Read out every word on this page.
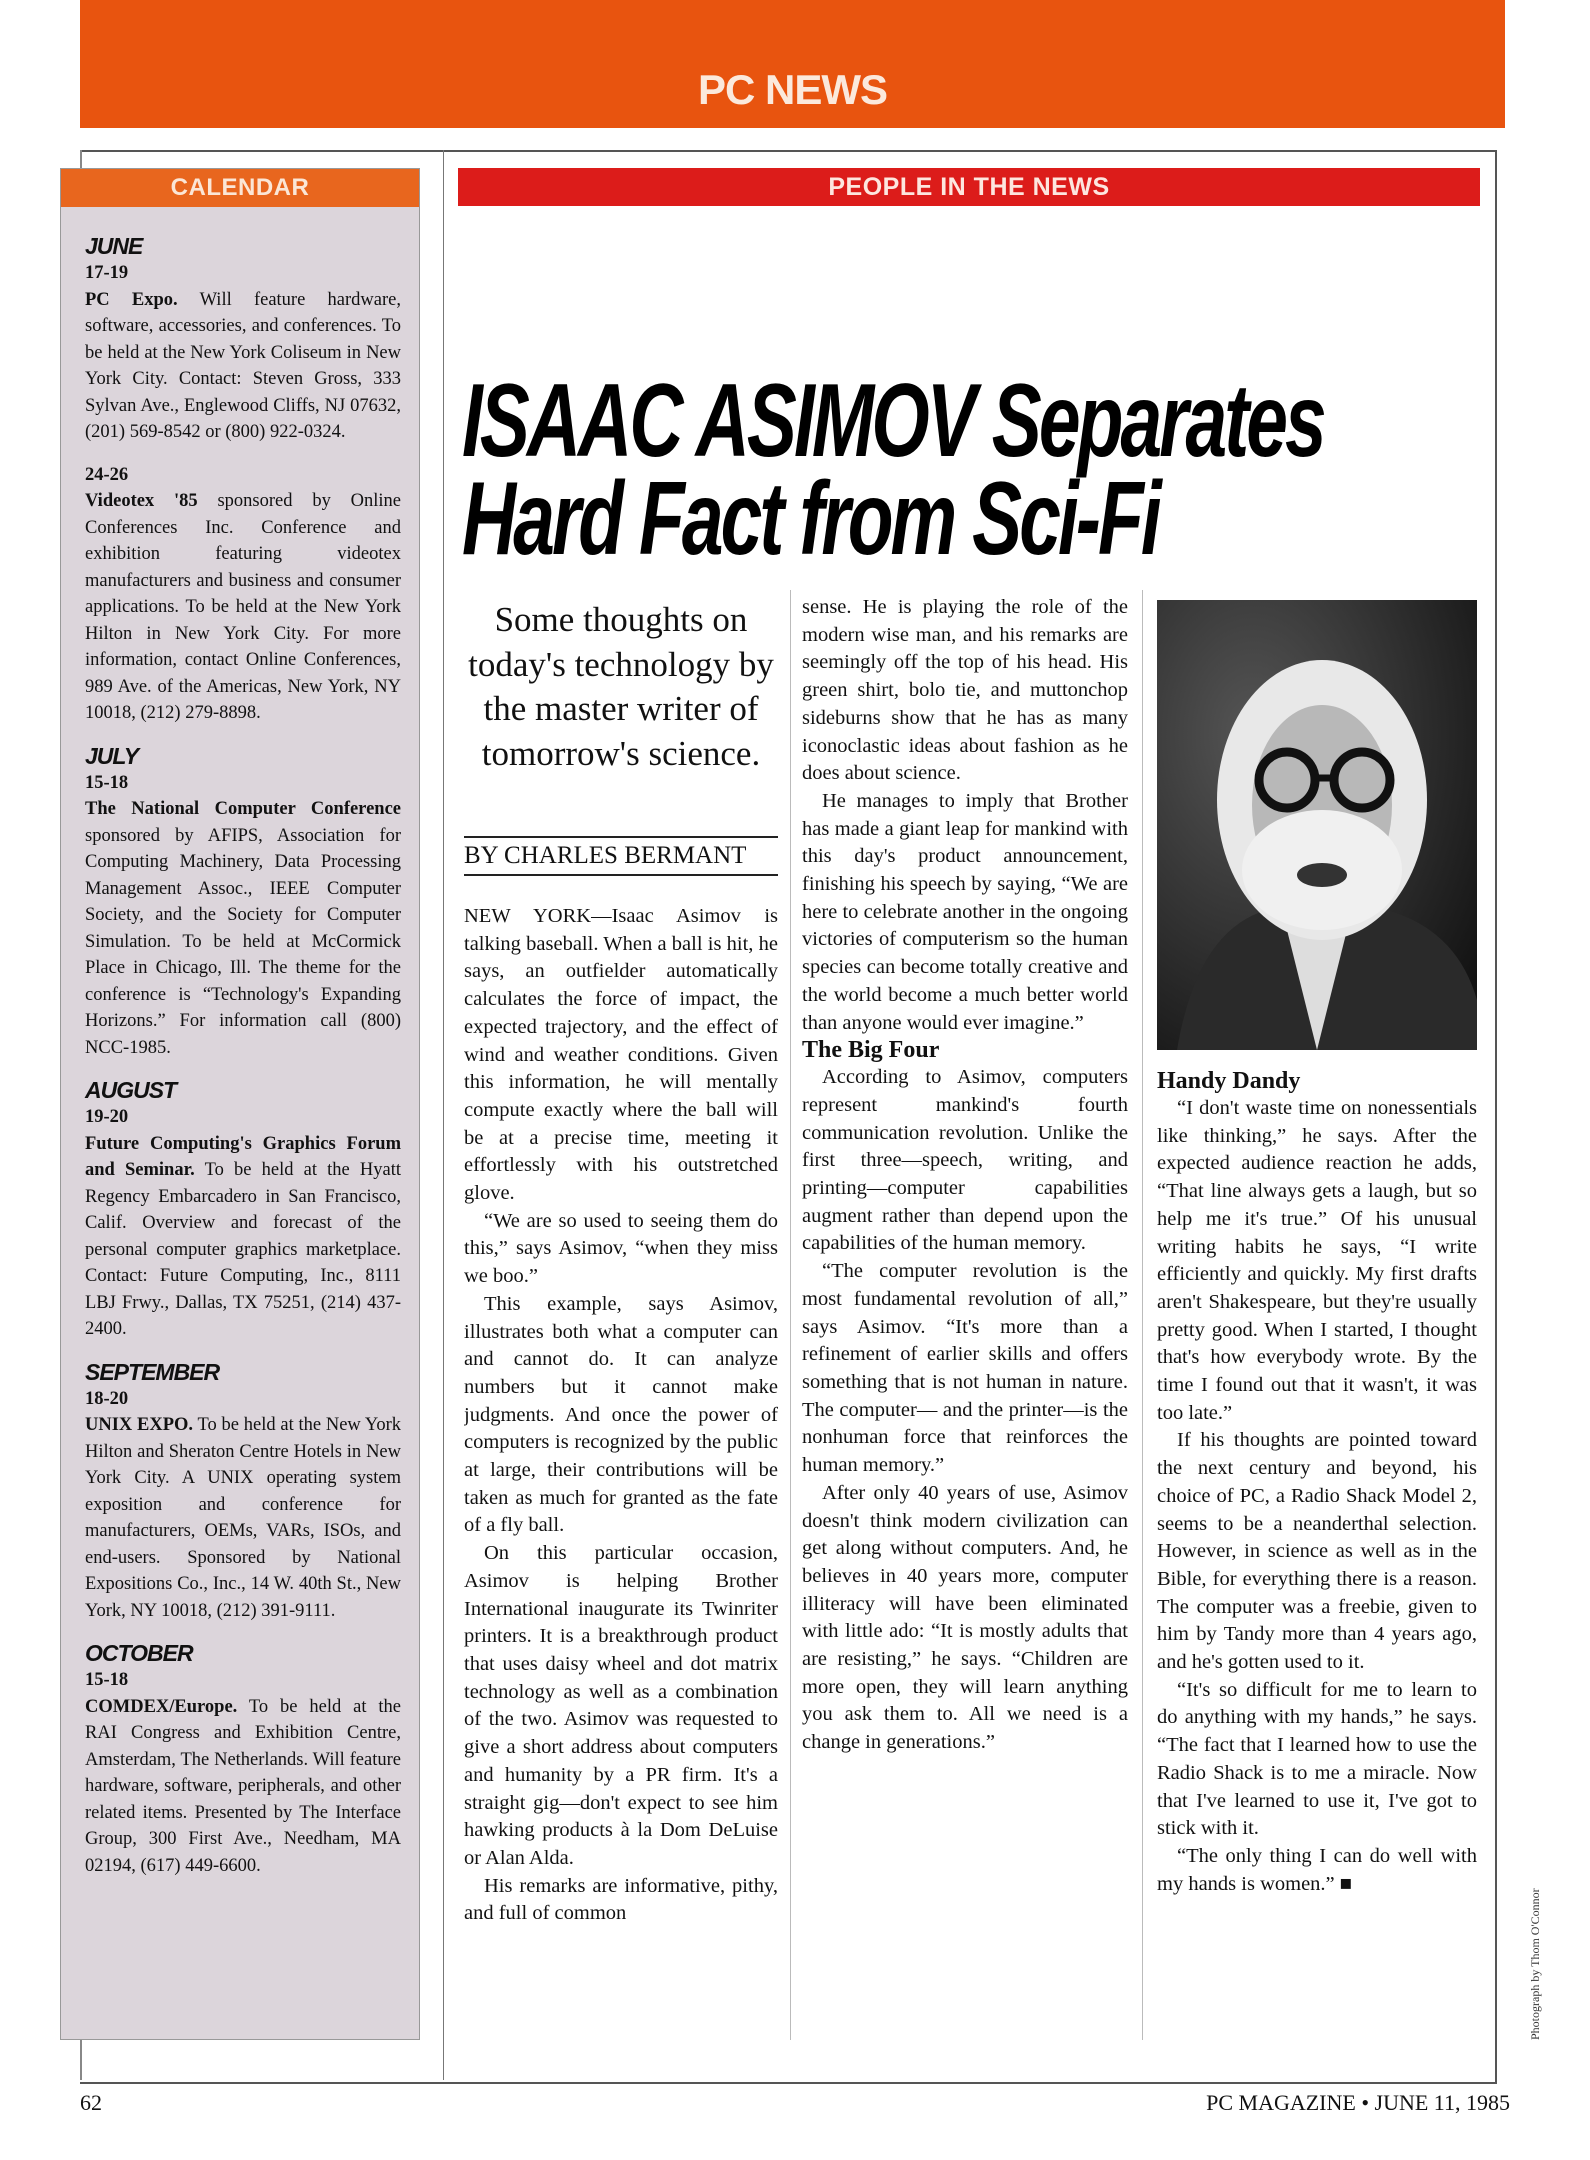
PC NEWS
CALENDAR
JUNE
17-19
PC Expo. Will feature hardware, software, accessories, and conferences. To be held at the New York Coliseum in New York City. Contact: Steven Gross, 333 Sylvan Ave., Englewood Cliffs, NJ 07632, (201) 569-8542 or (800) 922-0324.
24-26
Videotex '85 sponsored by Online Conferences Inc. Conference and exhibition featuring videotex manufacturers and business and consumer applications. To be held at the New York Hilton in New York City. For more information, contact Online Conferences, 989 Ave. of the Americas, New York, NY 10018, (212) 279-8898.
JULY
15-18
The National Computer Conference sponsored by AFIPS, Association for Computing Machinery, Data Processing Management Assoc., IEEE Computer Society, and the Society for Computer Simulation. To be held at McCormick Place in Chicago, Ill. The theme for the conference is “Technology's Expanding Horizons.” For information call (800) NCC-1985.
AUGUST
19-20
Future Computing's Graphics Forum and Seminar. To be held at the Hyatt Regency Embarcadero in San Francisco, Calif. Overview and forecast of the personal computer graphics marketplace. Contact: Future Computing, Inc., 8111 LBJ Frwy., Dallas, TX 75251, (214) 437-2400.
SEPTEMBER
18-20
UNIX EXPO. To be held at the New York Hilton and Sheraton Centre Hotels in New York City. A UNIX operating system exposition and conference for manufacturers, OEMs, VARs, ISOs, and end-users. Sponsored by National Expositions Co., Inc., 14 W. 40th St., New York, NY 10018, (212) 391-9111.
OCTOBER
15-18
COMDEX/Europe. To be held at the RAI Congress and Exhibition Centre, Amsterdam, The Netherlands. Will feature hardware, software, peripherals, and other related items. Presented by The Interface Group, 300 First Ave., Needham, MA 02194, (617) 449-6600.
PEOPLE IN THE NEWS
ISAAC ASIMOV Separates
Hard Fact from Sci-Fi
Some thoughts on today's technology by the master writer of tomorrow's science.
BY CHARLES BERMANT

NEW YORK—Isaac Asimov is talking baseball. When a ball is hit, he says, an outfielder automatically calculates the force of impact, the expected trajectory, and the effect of wind and weather conditions. Given this information, he will mentally compute exactly where the ball will be at a precise time, meeting it effortlessly with his outstretched glove.

“We are so used to seeing them do this,” says Asimov, “when they miss we boo.”

This example, says Asimov, illustrates both what a computer can and cannot do. It can analyze numbers but it cannot make judgments. And once the power of computers is recognized by the public at large, their contributions will be taken as much for granted as the fate of a fly ball.

On this particular occasion, Asimov is helping Brother International inaugurate its Twinriter printers. It is a breakthrough product that uses daisy wheel and dot matrix technology as well as a combination of the two. Asimov was requested to give a short address about computers and humanity by a PR firm. It's a straight gig—don't expect to see him hawking products à la Dom DeLuise or Alan Alda.

His remarks are informative, pithy, and full of common

sense. He is playing the role of the modern wise man, and his remarks are seemingly off the top of his head. His green shirt, bolo tie, and muttonchop sideburns show that he has as many iconoclastic ideas about fashion as he does about science.

He manages to imply that Brother has made a giant leap for mankind with this day's product announcement, finishing his speech by saying, “We are here to celebrate another in the ongoing victories of computerism so the human species can become totally creative and the world become a much better world than anyone would ever imagine.”

The Big Four

According to Asimov, computers represent mankind's fourth communication revolution. Unlike the first three—speech, writing, and printing—computer capabilities augment rather than depend upon the capabilities of the human memory.

“The computer revolution is the most fundamental revolution of all,” says Asimov. “It's more than a refinement of earlier skills and offers something that is not human in nature. The computer— and the printer—is the nonhuman force that reinforces the human memory.”

After only 40 years of use, Asimov doesn't think modern civilization can get along without computers. And, he believes in 40 years more, computer illiteracy will have been eliminated with little ado: “It is mostly adults that are resisting,” he says. “Children are more open, they will learn anything you ask them to. All we need is a change in generations.”

Handy Dandy

“I don't waste time on nonessentials like thinking,” he says. After the expected audience reaction he adds, “That line always gets a laugh, but so help me it's true.” Of his unusual writing habits he says, “I write efficiently and quickly. My first drafts aren't Shakespeare, but they're usually pretty good. When I started, I thought that's how everybody wrote. By the time I found out that it wasn't, it was too late.”

If his thoughts are pointed toward the next century and beyond, his choice of PC, a Radio Shack Model 2, seems to be a neanderthal selection. However, in science as well as in the Bible, for everything there is a reason. The computer was a freebie, given to him by Tandy more than 4 years ago, and he's gotten used to it.

“It's so difficult for me to learn to do anything with my hands,” he says. “The fact that I learned how to use the Radio Shack is to me a miracle. Now that I've learned to use it, I've got to stick with it.

“The only thing I can do well with my hands is women.” ■

Photograph by Thom O'Connor
62	PC MAGAZINE • JUNE 11, 1985
